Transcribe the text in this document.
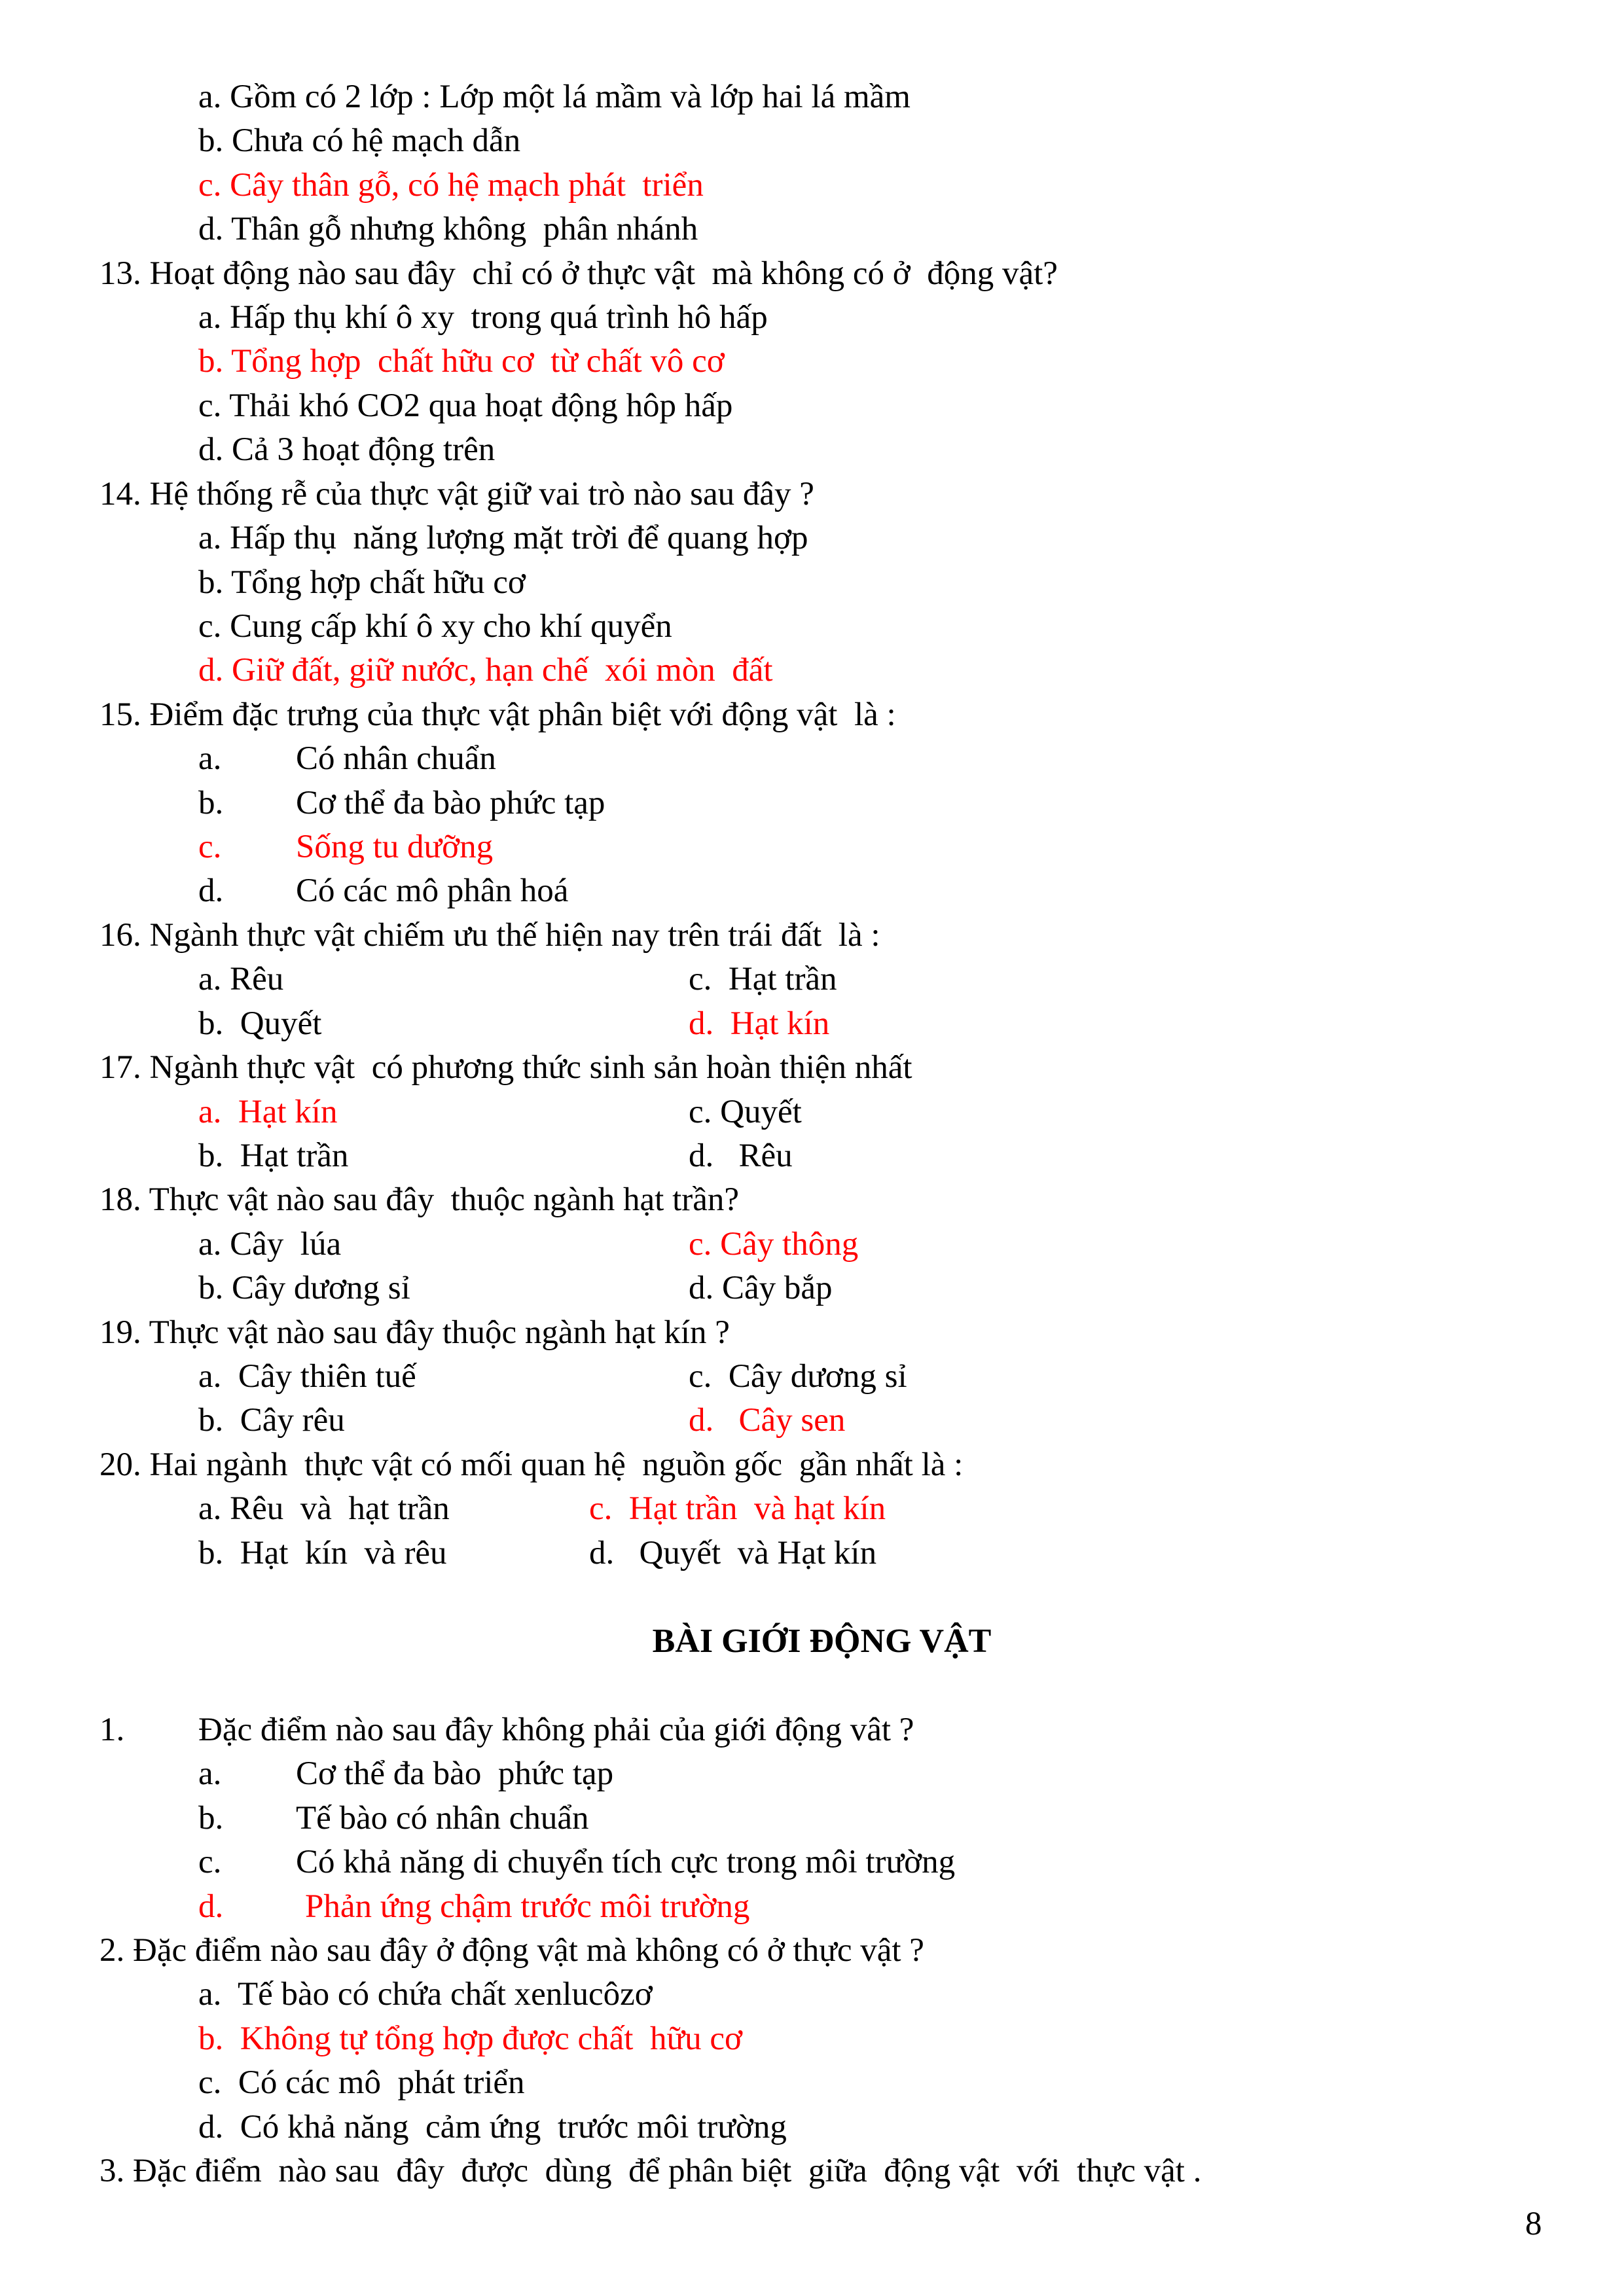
a. Gồm có 2 lớp : Lớp một lá mầm và lớp hai lá mầm

b. Chưa có hệ mạch dẫn

c. Cây thân gỗ, có hệ mạch phát  triển

d. Thân gỗ nhưng không  phân nhánh

13. Hoạt động nào sau đây  chỉ có ở thực vật  mà không có ở  động vật?

a. Hấp thụ khí ô xy  trong quá trình hô hấp

b. Tổng hợp  chất hữu cơ  từ chất vô cơ

c. Thải khó CO2 qua hoạt động hôp hấp

d. Cả 3 hoạt động trên

14. Hệ thống rễ của thực vật giữ vai trò nào sau đây ?

a. Hấp thụ  năng lượng mặt trời để quang hợp

b. Tổng hợp chất hữu cơ

c. Cung cấp khí ô xy cho khí quyển

d. Giữ đất, giữ nước, hạn chế  xói mòn  đất

15. Điểm đặc trưng của thực vật phân biệt với động vật  là :

a. Có nhân chuẩn

b. Cơ thể đa bào phức tạp

c. Sống tu dưỡng

d. Có các mô phân hoá

16. Ngành thực vật chiếm ưu thế hiện nay trên trái đất  là :

a. Rêu	c.  Hạt trần

b.  Quyết	d.  Hạt kín

17. Ngành thực vật  có phương thức sinh sản hoàn thiện nhất

a.  Hạt kín	c. Quyết

b.  Hạt trần	d.   Rêu

18. Thực vật nào sau đây  thuộc ngành hạt trần?

a. Cây  lúa	c. Cây thông

b. Cây dương sỉ	d. Cây bắp

19. Thực vật nào sau đây thuộc ngành hạt kín ?

a.  Cây thiên tuế	c.  Cây dương sỉ

b.  Cây rêu	d.   Cây sen

20. Hai ngành  thực vật có mối quan hệ  nguồn gốc  gần nhất là :

a. Rêu  và  hạt trần	c.  Hạt trần  và hạt kín

b.  Hạt  kín  và rêu	d.   Quyết  và Hạt kín

BÀI GIỚI ĐỘNG VẬT

1. Đặc điểm nào sau đây không phải của giới động vât ?

a. Cơ thể đa bào  phức tạp

b. Tế bào có nhân chuẩn

c. Có khả năng di chuyển tích cực trong môi trường

d. Phản ứng chậm trước môi trường

2. Đặc điểm nào sau đây ở động vật mà không có ở thực vật ?

a.  Tế bào có chứa chất xenlucôzơ

b.  Không tự tổng hợp được chất  hữu cơ

c.  Có các mô  phát triển

d.  Có khả năng  cảm ứng  trước môi trường

3. Đặc điểm  nào sau  đây  được  dùng  để phân biệt  giữa  động vật  với  thực vật .

8
